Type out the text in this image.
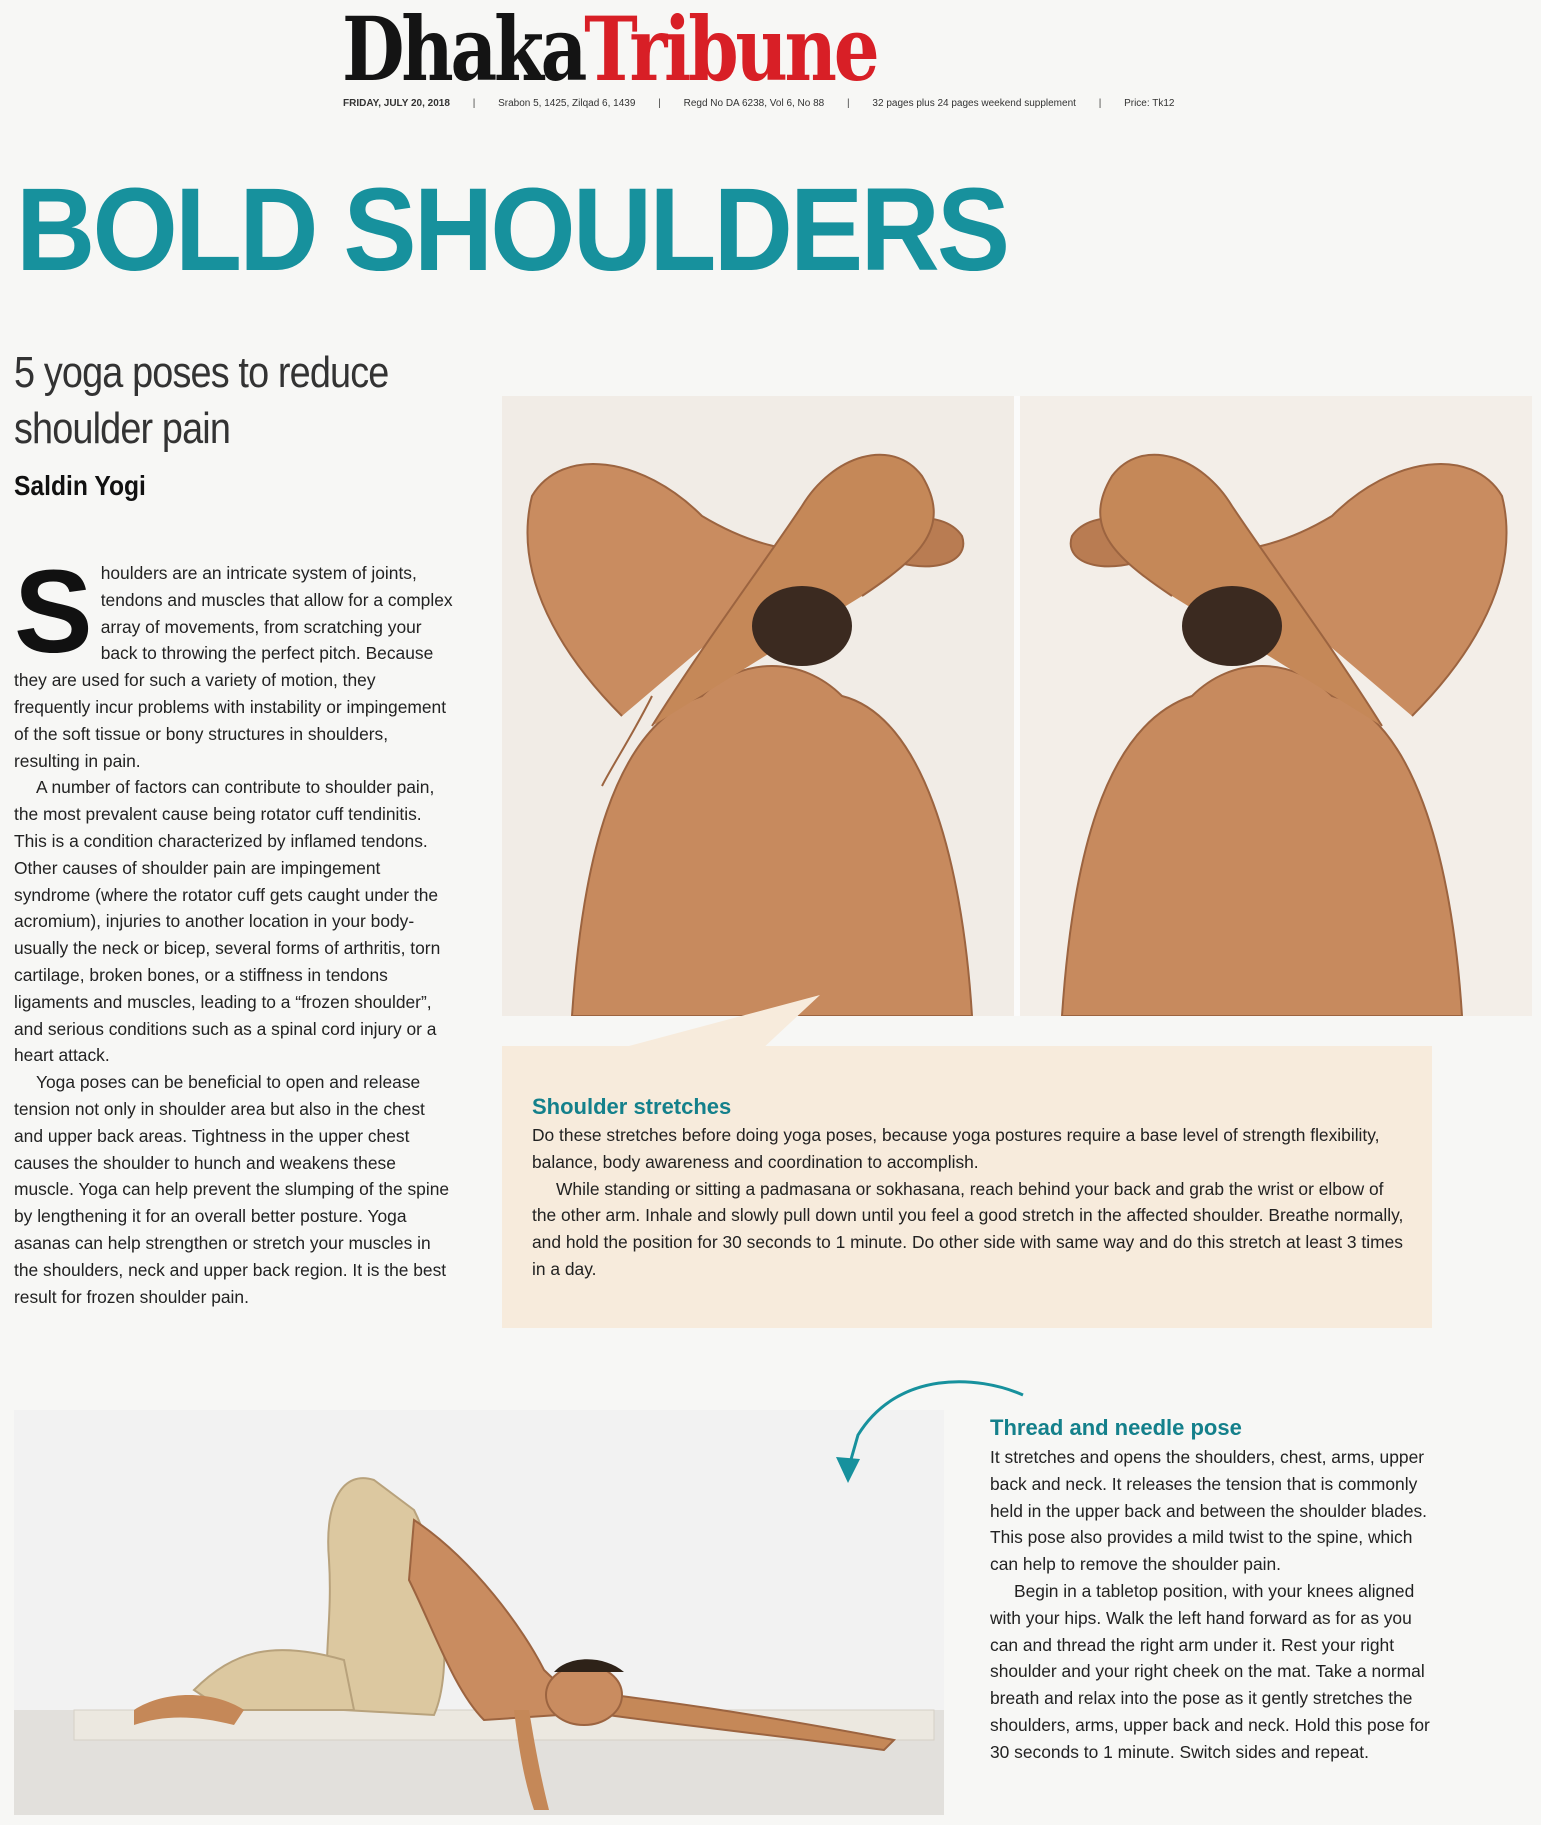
DhakaTribune
FRIDAY, JULY 20, 2018 | Srabon 5, 1425, Zilqad 6, 1439 | Regd No DA 6238, Vol 6, No 88 | 32 pages plus 24 pages weekend supplement | Price: Tk12
BOLD SHOULDERS
5 yoga poses to reduce shoulder pain
Saldin Yogi

Shoulders are an intricate system of joints, tendons and muscles that allow for a complex array of movements, from scratching your back to throwing the perfect pitch. Because they are used for such a variety of motion, they frequently incur problems with instability or impingement of the soft tissue or bony structures in shoulders, resulting in pain.

A number of factors can contribute to shoulder pain, the most prevalent cause being rotator cuff tendinitis. This is a condition characterized by inflamed tendons. Other causes of shoulder pain are impingement syndrome (where the rotator cuff gets caught under the acromium), injuries to another location in your body- usually the neck or bicep, several forms of arthritis, torn cartilage, broken bones, or a stiffness in tendons ligaments and muscles, leading to a “frozen shoulder”, and serious conditions such as a spinal cord injury or a heart attack.

Yoga poses can be beneficial to open and release tension not only in shoulder area but also in the chest and upper back areas. Tightness in the upper chest causes the shoulder to hunch and weakens these muscle. Yoga can help prevent the slumping of the spine by lengthening it for an overall better posture. Yoga asanas can help strengthen or stretch your muscles in the shoulders, neck and upper back region. It is the best result for frozen shoulder pain.

Shoulder stretches

Do these stretches before doing yoga poses, because yoga postures require a base level of strength flexibility, balance, body awareness and coordination to accomplish.

While standing or sitting a padmasana or sokhasana, reach behind your back and grab the wrist or elbow of the other arm. Inhale and slowly pull down until you feel a good stretch in the affected shoulder. Breathe normally, and hold the position for 30 seconds to 1 minute. Do other side with same way and do this stretch at least 3 times in a day.

Thread and needle pose

It stretches and opens the shoulders, chest, arms, upper back and neck. It releases the tension that is commonly held in the upper back and between the shoulder blades. This pose also provides a mild twist to the spine, which can help to remove the shoulder pain.

Begin in a tabletop position, with your knees aligned with your hips. Walk the left hand forward as for as you can and thread the right arm under it. Rest your right shoulder and your right cheek on the mat. Take a normal breath and relax into the pose as it gently stretches the shoulders, arms, upper back and neck. Hold this pose for 30 seconds to 1 minute. Switch sides and repeat.
